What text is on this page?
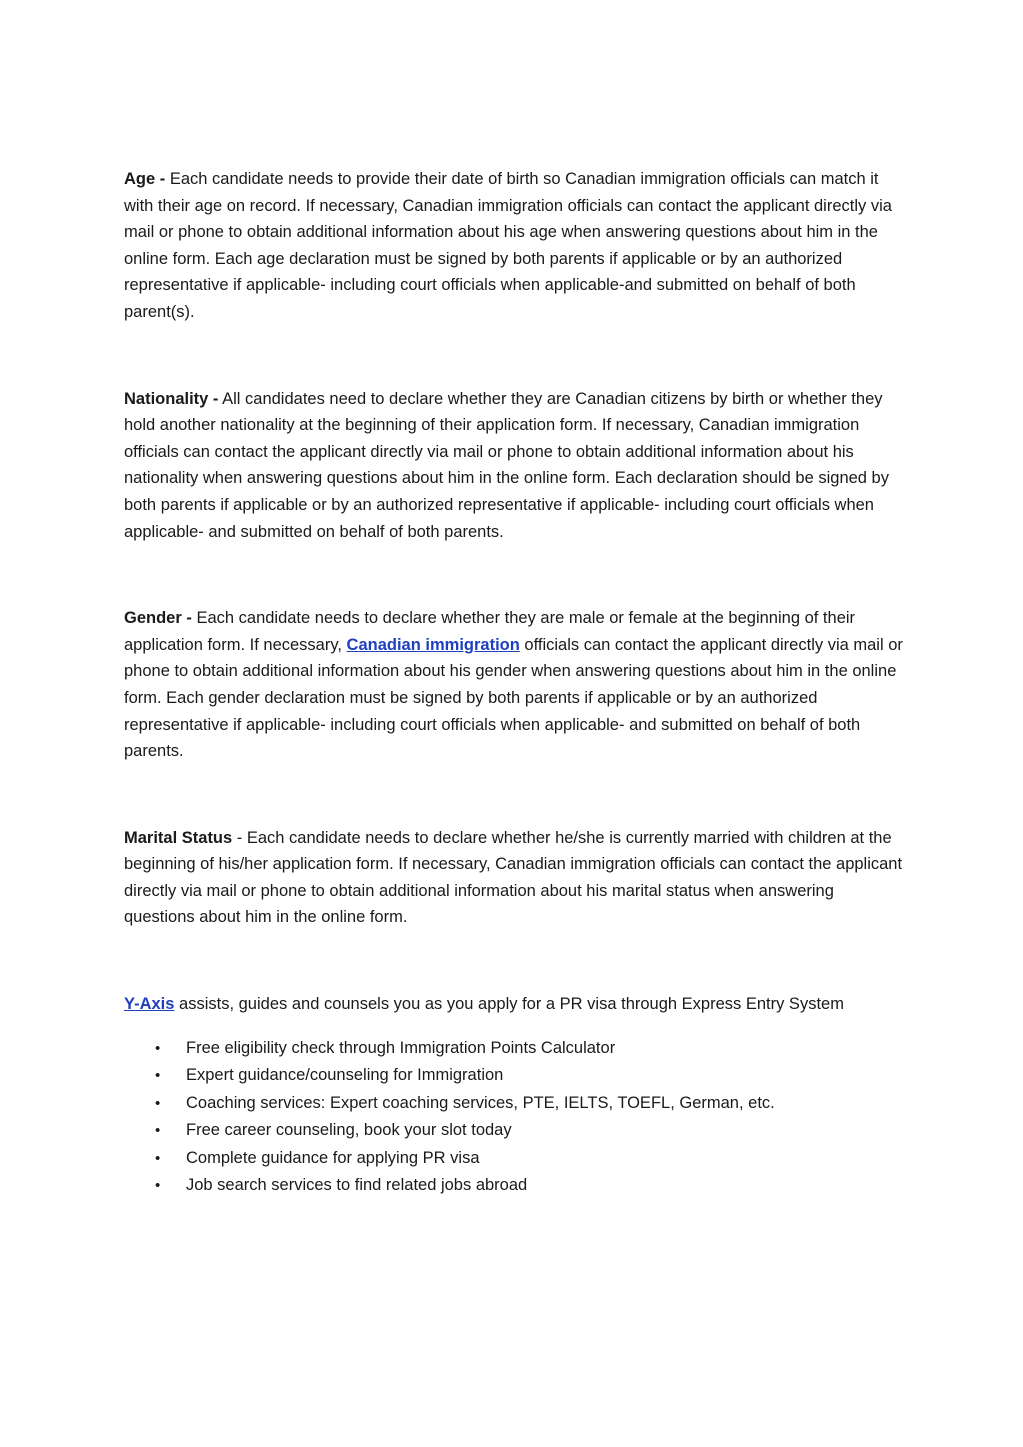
Age - Each candidate needs to provide their date of birth so Canadian immigration officials can match it with their age on record. If necessary, Canadian immigration officials can contact the applicant directly via mail or phone to obtain additional information about his age when answering questions about him in the online form. Each age declaration must be signed by both parents if applicable or by an authorized representative if applicable- including court officials when applicable-and submitted on behalf of both parent(s).

Nationality - All candidates need to declare whether they are Canadian citizens by birth or whether they hold another nationality at the beginning of their application form. If necessary, Canadian immigration officials can contact the applicant directly via mail or phone to obtain additional information about his nationality when answering questions about him in the online form. Each declaration should be signed by both parents if applicable or by an authorized representative if applicable- including court officials when applicable- and submitted on behalf of both parents.

Gender - Each candidate needs to declare whether they are male or female at the beginning of their application form. If necessary, Canadian immigration officials can contact the applicant directly via mail or phone to obtain additional information about his gender when answering questions about him in the online form. Each gender declaration must be signed by both parents if applicable or by an authorized representative if applicable- including court officials when applicable- and submitted on behalf of both parents.

Marital Status - Each candidate needs to declare whether he/she is currently married with children at the beginning of his/her application form. If necessary, Canadian immigration officials can contact the applicant directly via mail or phone to obtain additional information about his marital status when answering questions about him in the online form.

Y-Axis assists, guides and counsels you as you apply for a PR visa through Express Entry System

• Free eligibility check through Immigration Points Calculator
• Expert guidance/counseling for Immigration
• Coaching services: Expert coaching services, PTE, IELTS, TOEFL, German, etc.
• Free career counseling, book your slot today
• Complete guidance for applying PR visa
• Job search services to find related jobs abroad
